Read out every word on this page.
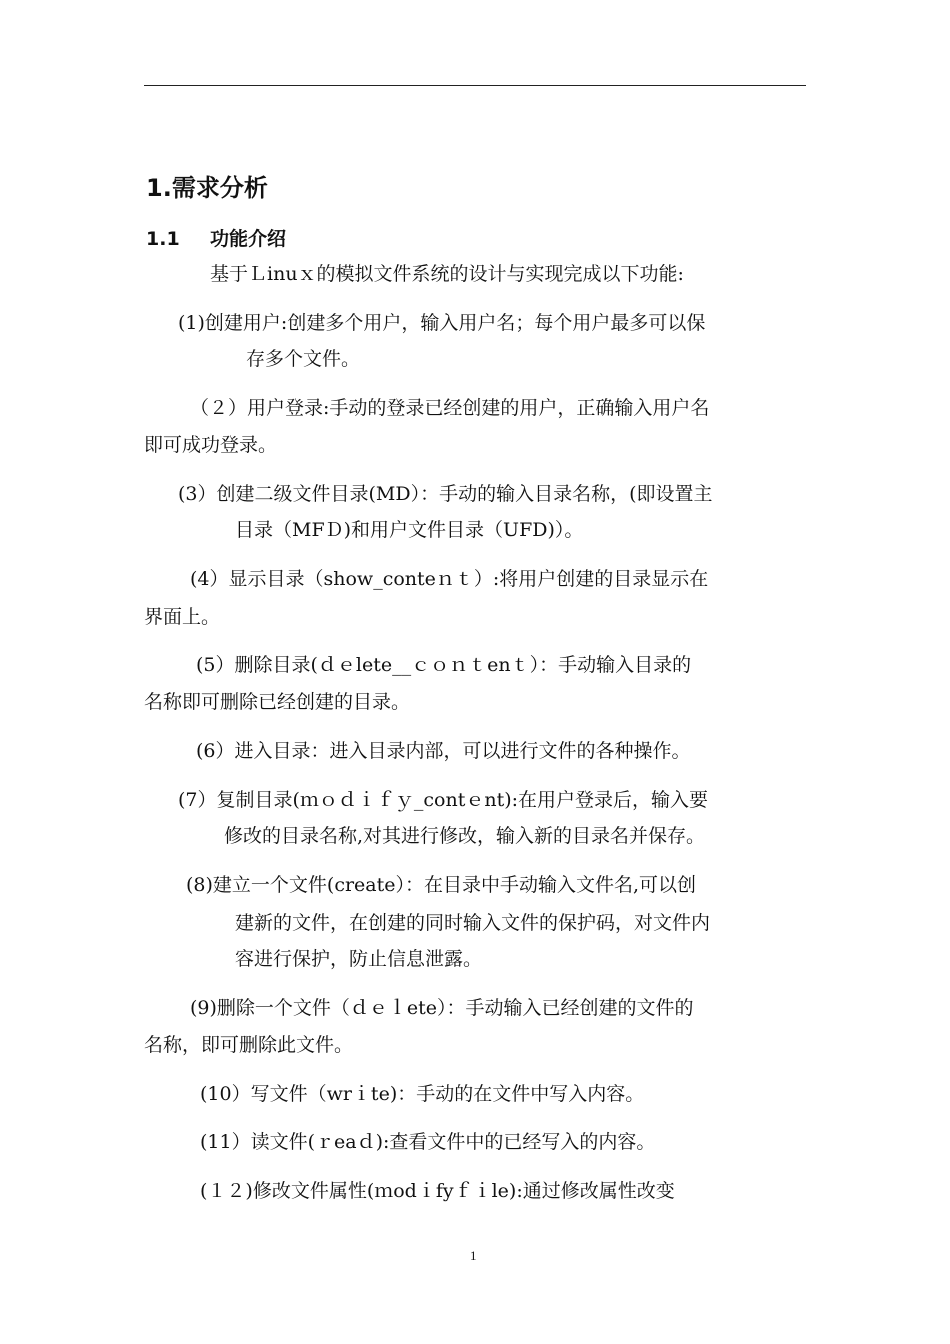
1.需求分析
1.1 功能介绍
基于Ｌinuｘ的模拟文件系统的设计与实现完成以下功能:
(1)创建用户:创建多个用户，输入用户名；每个用户最多可以保
存多个文件。
（２）用户登录:手动的登录已经创建的用户，正确输入用户名
即可成功登录。
(3）创建二级文件目录(MD）：手动的输入目录名称，(即设置主
目录（MFＤ)和用户文件目录（UFD)）。
(4）显示目录（show_conteｎｔ）:将用户创建的目录显示在
界面上。
(5）删除目录(ｄｅlete__ｃｏｎｔenｔ）：手动输入目录的
名称即可删除已经创建的目录。
(6）进入目录：进入目录内部，可以进行文件的各种操作。
(7）复制目录(ｍｏｄｉｆｙ_contｅnt):在用户登录后，输入要
修改的目录名称,对其进行修改，输入新的目录名并保存。
(8)建立一个文件(create）：在目录中手动输入文件名,可以创
建新的文件，在创建的同时输入文件的保护码，对文件内
容进行保护，防止信息泄露。
(9)删除一个文件（ｄｅｌete）：手动输入已经创建的文件的
名称，即可删除此文件。
(10）写文件（wrｉte)：手动的在文件中写入内容。
(11）读文件(ｒeaｄ):查看文件中的已经写入的内容。
(１２)修改文件属性(ｍodｉfyｆｉle):通过修改属性改变
1
